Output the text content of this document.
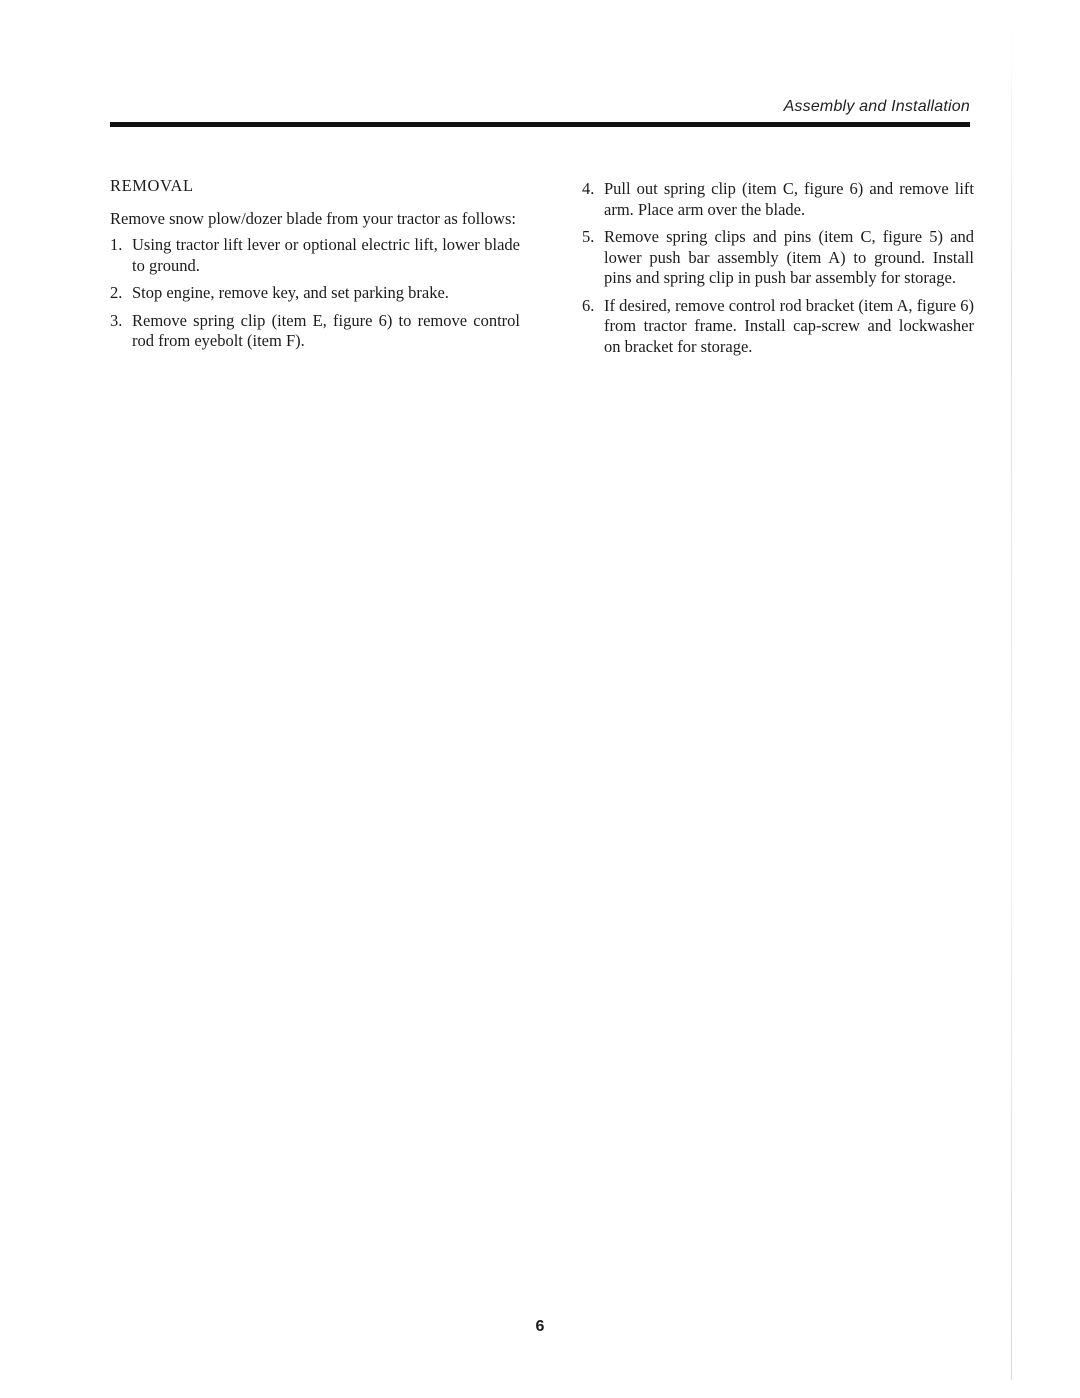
Assembly and Installation
REMOVAL

Remove snow plow/dozer blade from your tractor as follows:

1. Using tractor lift lever or optional electric lift, lower blade to ground.
2. Stop engine, remove key, and set parking brake.
3. Remove spring clip (item E, figure 6) to remove control rod from eyebolt (item F).
4. Pull out spring clip (item C, figure 6) and remove lift arm. Place arm over the blade.
5. Remove spring clips and pins (item C, figure 5) and lower push bar assembly (item A) to ground. Install pins and spring clip in push bar assembly for storage.
6. If desired, remove control rod bracket (item A, figure 6) from tractor frame. Install cap-screw and lockwasher on bracket for storage.
6
